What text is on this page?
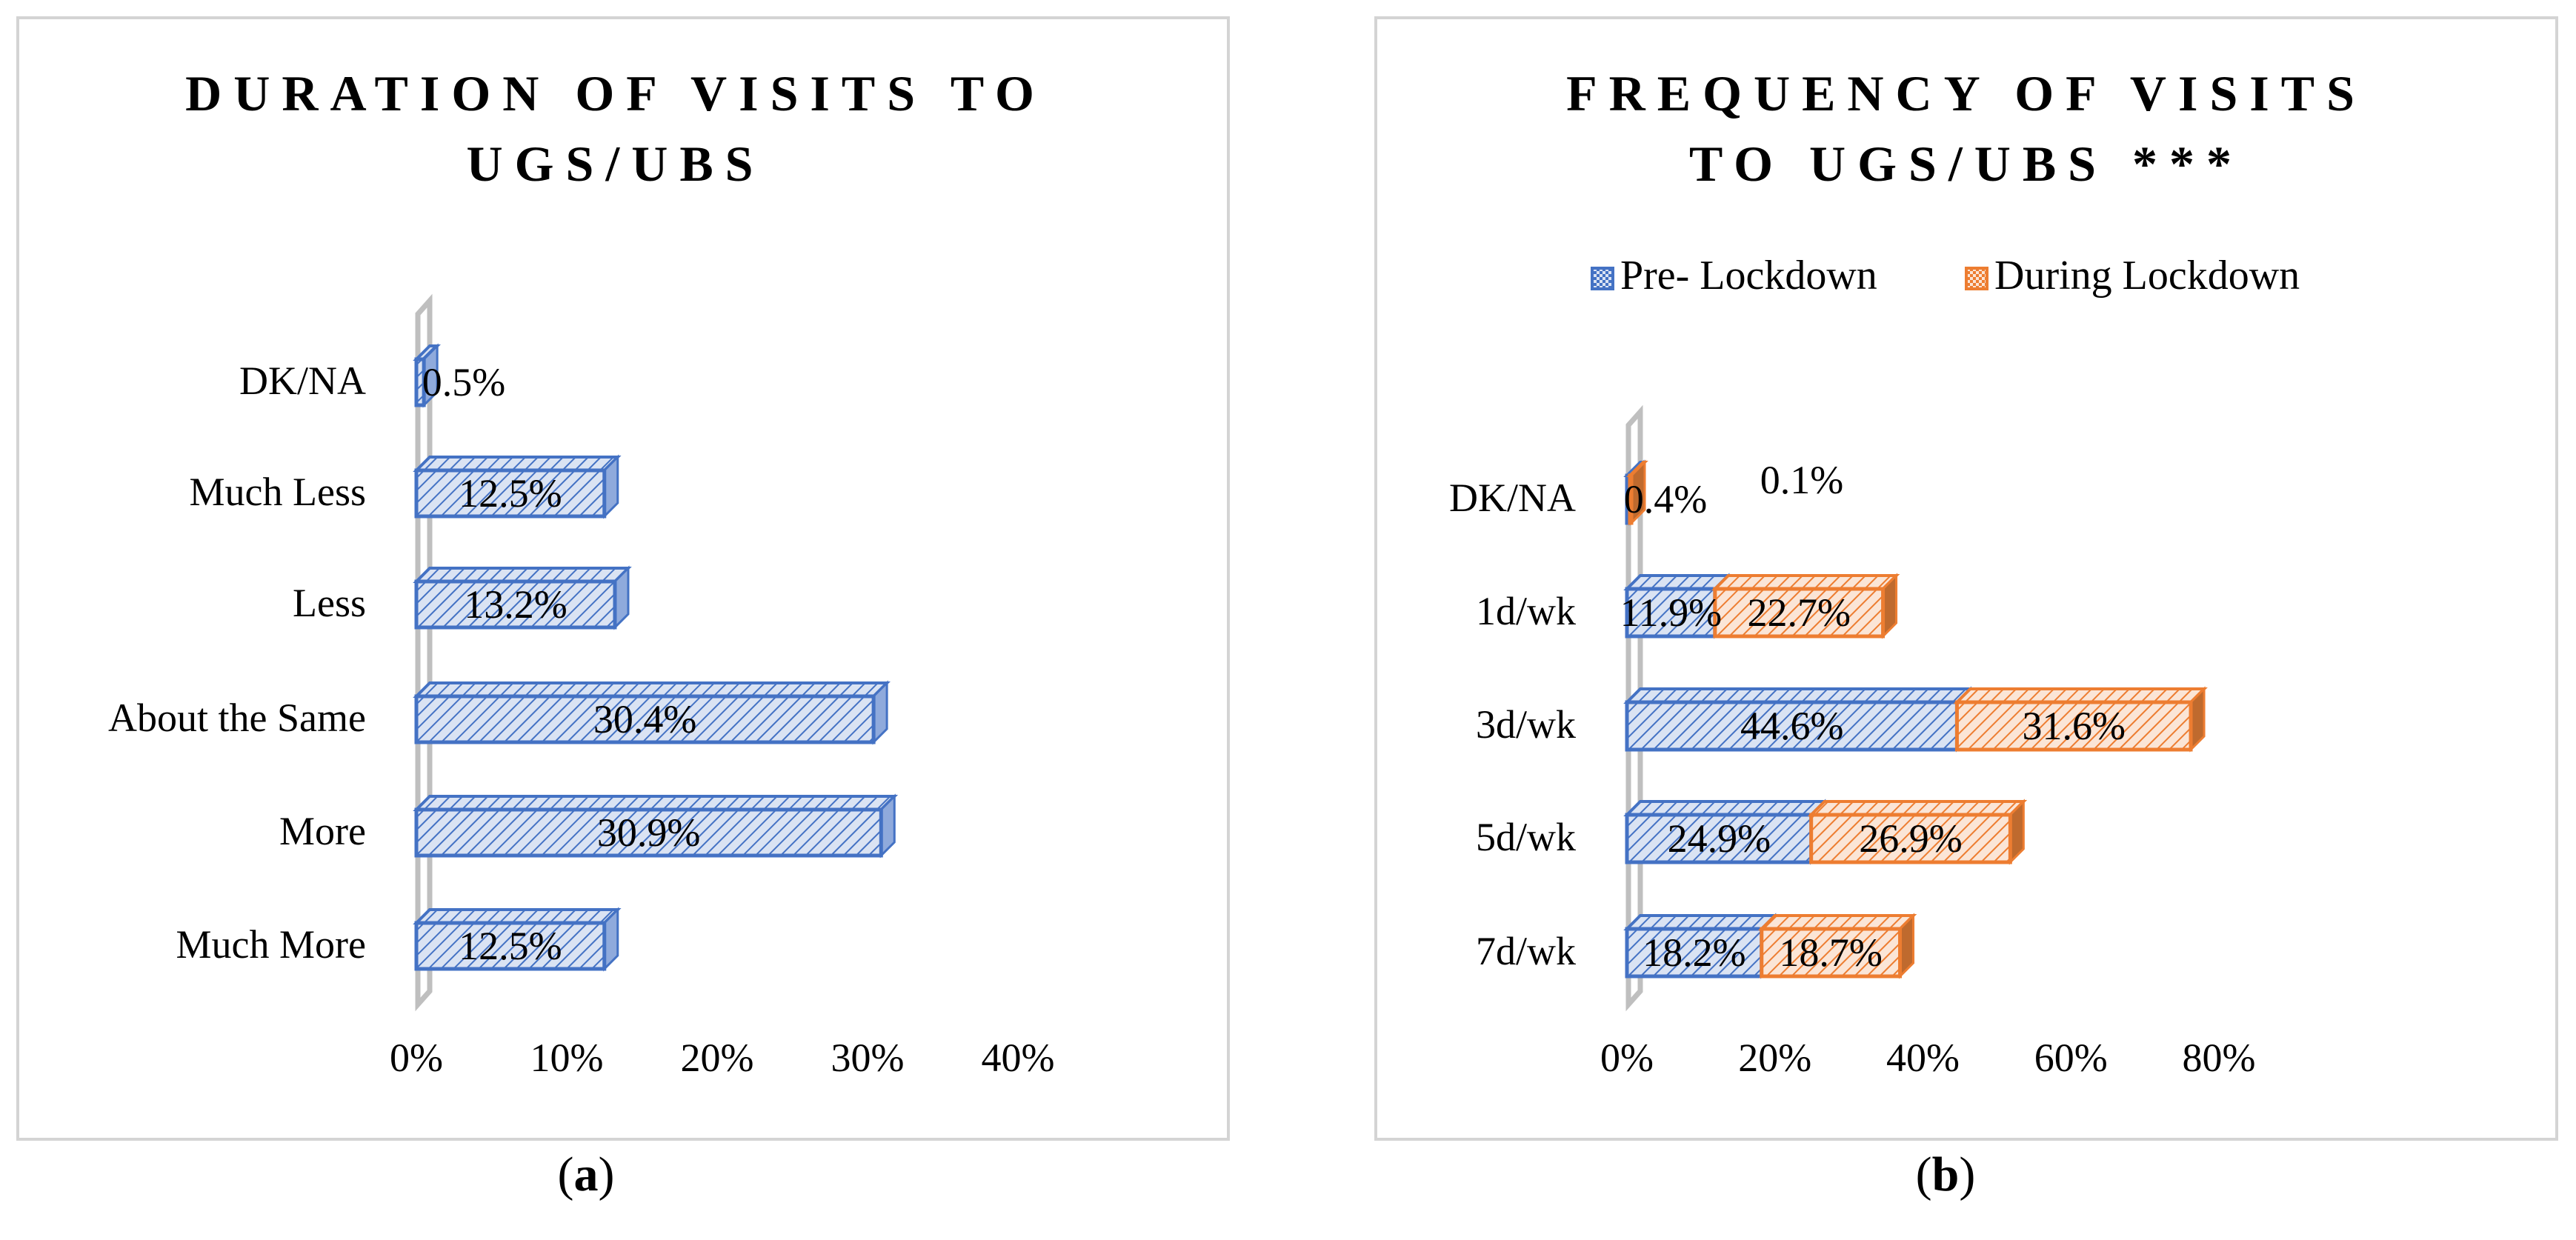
DURATION OF VISITS TO
UGS/UBS
DK/NA 0.5%
Much Less 12.5%
Less 13.2%
About the Same	30.4%
More	30.9%
Much More 12.5%
0% 10% 20% 30% 40%
FREQUENCY OF VISITS
TO UGS/UBS ***
Pre- Lockdown	During Lockdown
DK/NA 0.4% 0.1%
1d/wk 11.9% 22.7%
3d/wk	44.6%	31.6%
5d/wk 24.9% 26.9%
7d/wk 18.2% 18.7%
0% 20% 40% 60% 80%
(a)	(b)
